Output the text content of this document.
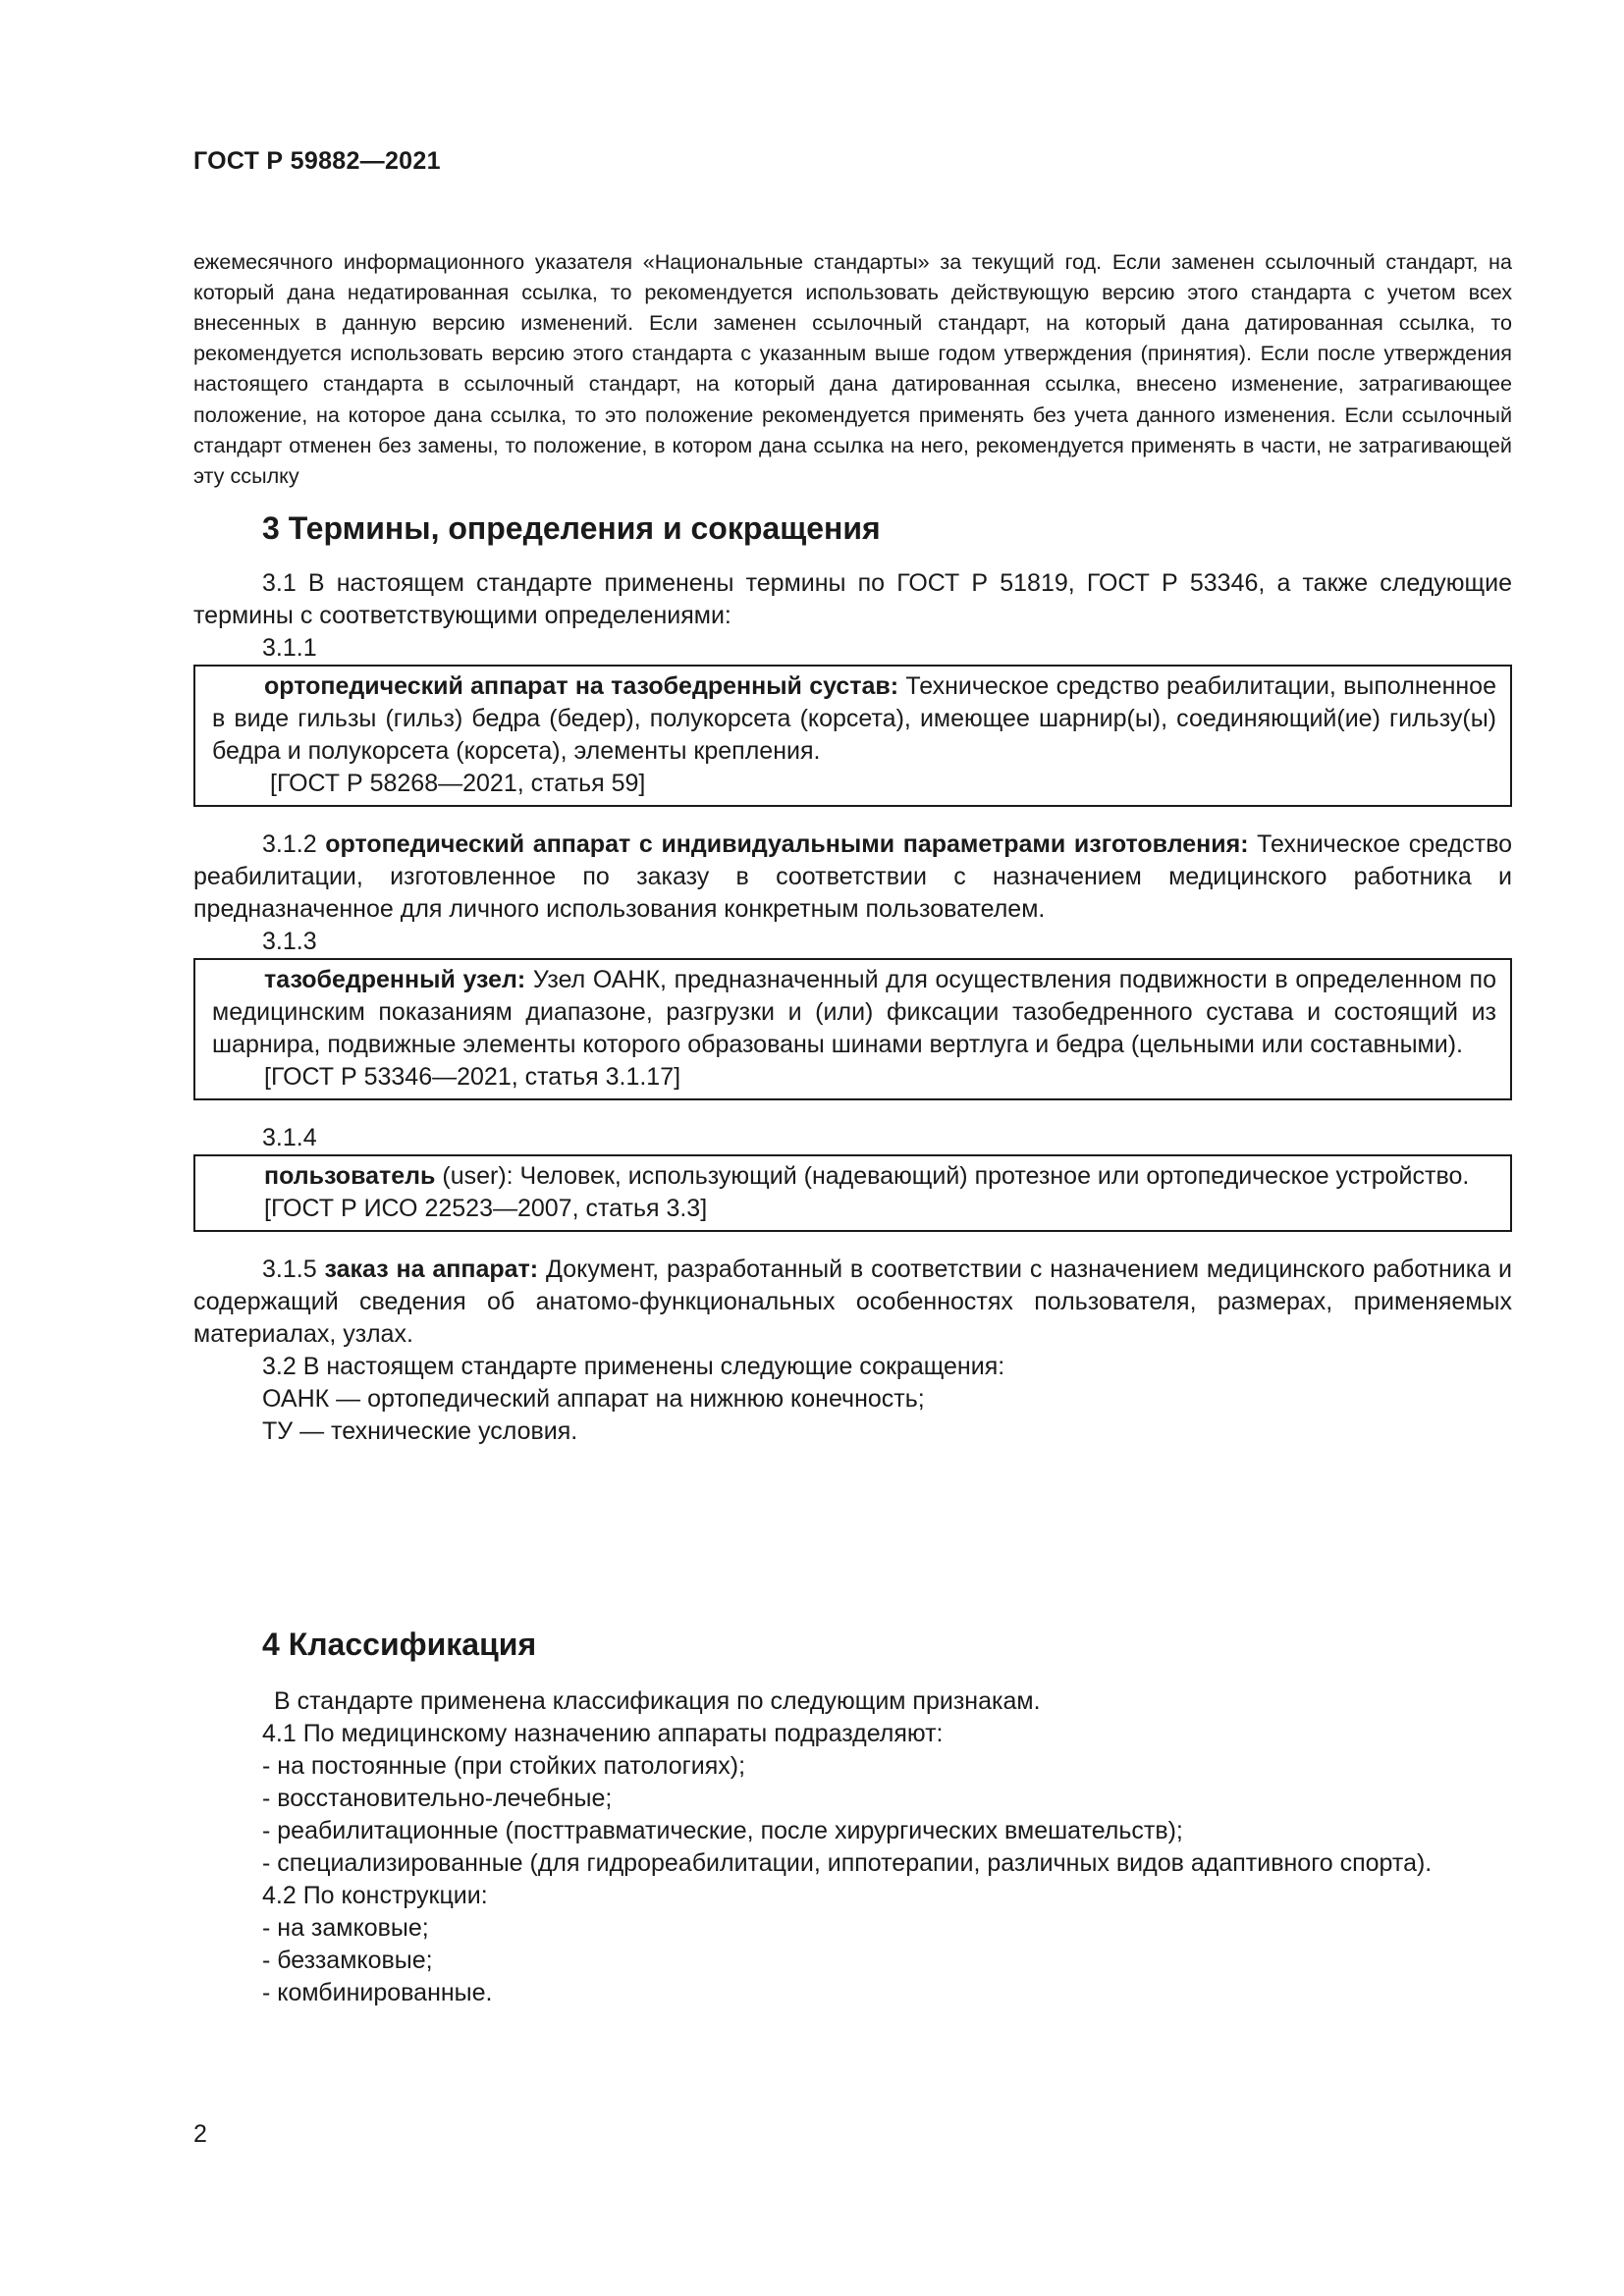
ГОСТ Р 59882—2021

ежемесячного информационного указателя «Национальные стандарты» за текущий год. Если заменен ссылочный стандарт, на который дана недатированная ссылка, то рекомендуется использовать действующую версию этого стандарта с учетом всех внесенных в данную версию изменений. Если заменен ссылочный стандарт, на который дана датированная ссылка, то рекомендуется использовать версию этого стандарта с указанным выше годом утверждения (принятия). Если после утверждения настоящего стандарта в ссылочный стандарт, на который дана датированная ссылка, внесено изменение, затрагивающее положение, на которое дана ссылка, то это положение рекомендуется применять без учета данного изменения. Если ссылочный стандарт отменен без замены, то положение, в котором дана ссылка на него, рекомендуется применять в части, не затрагивающей эту ссылку

3 Термины, определения и сокращения

3.1 В настоящем стандарте применены термины по ГОСТ Р 51819, ГОСТ Р 53346, а также следующие термины с соответствующими определениями:

3.1.1

ортопедический аппарат на тазобедренный сустав: Техническое средство реабилитации, выполненное в виде гильзы (гильз) бедра (бедер), полукорсета (корсета), имеющее шарнир(ы), соединяющий(ие) гильзу(ы) бедра и полукорсета (корсета), элементы крепления.

[ГОСТ Р 58268—2021, статья 59]

3.1.2 ортопедический аппарат с индивидуальными параметрами изготовления: Техническое средство реабилитации, изготовленное по заказу в соответствии с назначением медицинского работника и предназначенное для личного использования конкретным пользователем.

3.1.3

тазобедренный узел: Узел ОАНК, предназначенный для осуществления подвижности в определенном по медицинским показаниям диапазоне, разгрузки и (или) фиксации тазобедренного сустава и состоящий из шарнира, подвижные элементы которого образованы шинами вертлуга и бедра (цельными или составными).

[ГОСТ Р 53346—2021, статья 3.1.17]

3.1.4

пользователь (user): Человек, использующий (надевающий) протезное или ортопедическое устройство.

[ГОСТ Р ИСО 22523—2007, статья 3.3]

3.1.5 заказ на аппарат: Документ, разработанный в соответствии с назначением медицинского работника и содержащий сведения об анатомо-функциональных особенностях пользователя, размерах, применяемых материалах, узлах.

3.2 В настоящем стандарте применены следующие сокращения:

ОАНК — ортопедический аппарат на нижнюю конечность;

ТУ — технические условия.

4 Классификация

В стандарте применена классификация по следующим признакам.

4.1 По медицинскому назначению аппараты подразделяют:

- на постоянные (при стойких патологиях);

- восстановительно-лечебные;

- реабилитационные (посттравматические, после хирургических вмешательств);

- специализированные (для гидрореабилитации, иппотерапии, различных видов адаптивного спорта).

4.2 По конструкции:

- на замковые;

- беззамковые;

- комбинированные.

2
